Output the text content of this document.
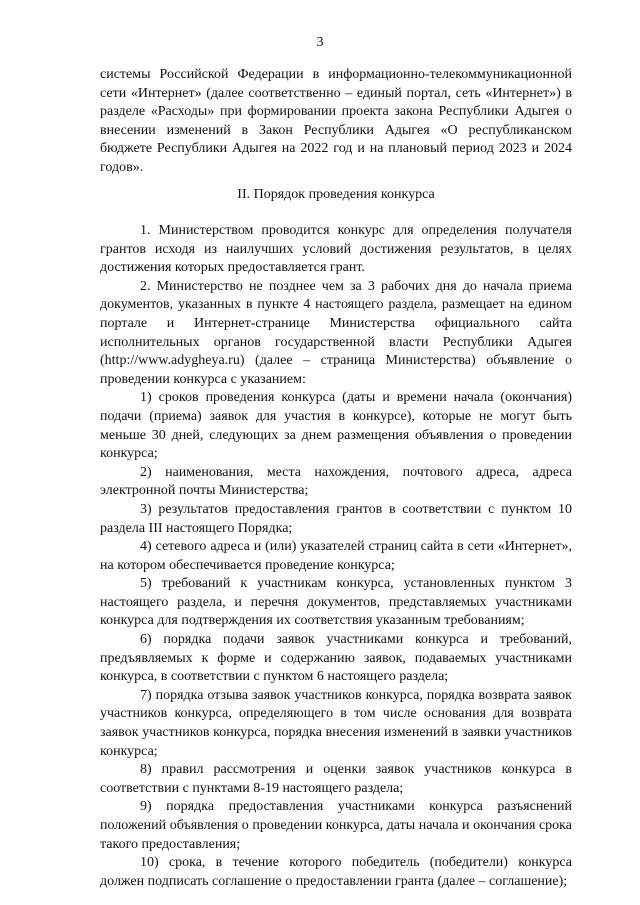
3

системы Российской Федерации в информационно-телекоммуникационной сети «Интернет» (далее соответственно – единый портал, сеть «Интернет») в разделе «Расходы» при формировании проекта закона Республики Адыгея о внесении изменений в Закон Республики Адыгея «О республиканском бюджете Республики Адыгея на 2022 год и на плановый период 2023 и 2024 годов».

II. Порядок проведения конкурса

1. Министерством проводится конкурс для определения получателя грантов исходя из наилучших условий достижения результатов, в целях достижения которых предоставляется грант.

2. Министерство не позднее чем за 3 рабочих дня до начала приема документов, указанных в пункте 4 настоящего раздела, размещает на едином портале и Интернет-странице Министерства официального сайта исполнительных органов государственной власти Республики Адыгея (http://www.adygheya.ru) (далее – страница Министерства) объявление о проведении конкурса с указанием:

1) сроков проведения конкурса (даты и времени начала (окончания) подачи (приема) заявок для участия в конкурсе), которые не могут быть меньше 30 дней, следующих за днем размещения объявления о проведении конкурса;

2) наименования, места нахождения, почтового адреса, адреса электронной почты Министерства;

3) результатов предоставления грантов в соответствии с пунктом 10 раздела III настоящего Порядка;

4) сетевого адреса и (или) указателей страниц сайта в сети «Интернет», на котором обеспечивается проведение конкурса;

5) требований к участникам конкурса, установленных пунктом 3 настоящего раздела, и перечня документов, представляемых участниками конкурса для подтверждения их соответствия указанным требованиям;

6) порядка подачи заявок участниками конкурса и требований, предъявляемых к форме и содержанию заявок, подаваемых участниками конкурса, в соответствии с пунктом 6 настоящего раздела;

7) порядка отзыва заявок участников конкурса, порядка возврата заявок участников конкурса, определяющего в том числе основания для возврата заявок участников конкурса, порядка внесения изменений в заявки участников конкурса;

8) правил рассмотрения и оценки заявок участников конкурса в соответствии с пунктами 8-19 настоящего раздела;

9) порядка предоставления участниками конкурса разъяснений положений объявления о проведении конкурса, даты начала и окончания срока такого предоставления;

10) срока, в течение которого победитель (победители) конкурса должен подписать соглашение о предоставлении гранта (далее – соглашение);
